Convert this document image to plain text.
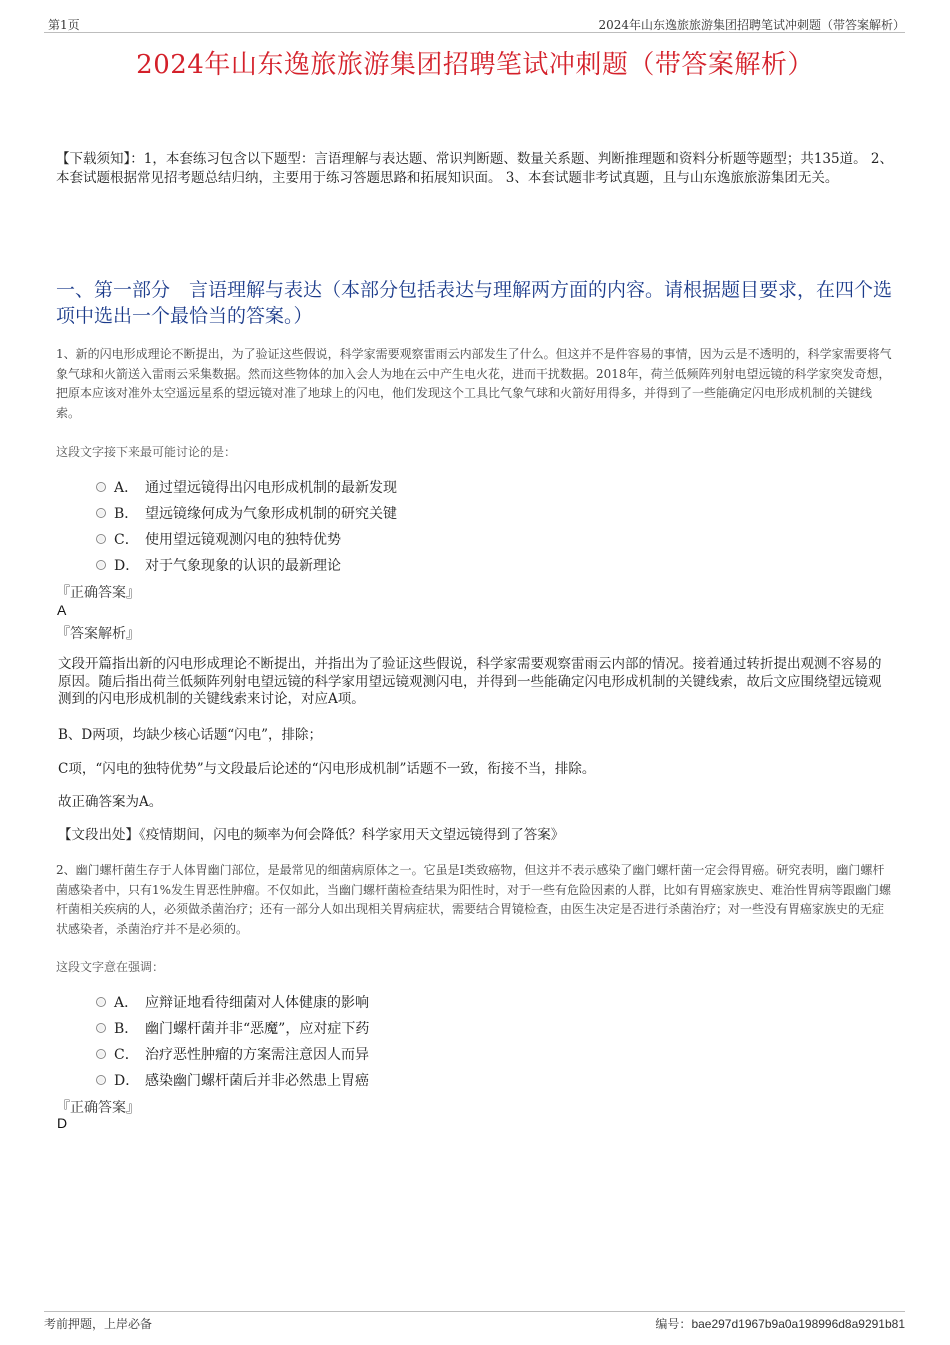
第1页	2024年山东逸旅旅游集团招聘笔试冲刺题（带答案解析）
2024年山东逸旅旅游集团招聘笔试冲刺题（带答案解析）
【下载须知】：1，本套练习包含以下题型：言语理解与表达题、常识判断题、数量关系题、判断推理题和资料分析题等题型；共135道。 2、本套试题根据常见招考题总结归纳，主要用于练习答题思路和拓展知识面。 3、本套试题非考试真题，且与山东逸旅旅游集团无关。
一、第一部分　言语理解与表达（本部分包括表达与理解两方面的内容。请根据题目要求，在四个选项中选出一个最恰当的答案。）
1、新的闪电形成理论不断提出，为了验证这些假说，科学家需要观察雷雨云内部发生了什么。但这并不是件容易的事情，因为云是不透明的，科学家需要将气象气球和火箭送入雷雨云采集数据。然而这些物体的加入会人为地在云中产生电火花，进而干扰数据。2018年，荷兰低频阵列射电望远镜的科学家突发奇想，把原本应该对准外太空遥远星系的望远镜对准了地球上的闪电，他们发现这个工具比气象气球和火箭好用得多，并得到了一些能确定闪电形成机制的关键线索。
这段文字接下来最可能讨论的是：
A． 通过望远镜得出闪电形成机制的最新发现
B． 望远镜缘何成为气象形成机制的研究关键
C． 使用望远镜观测闪电的独特优势
D． 对于气象现象的认识的最新理论
『正确答案』
A
『答案解析』
文段开篇指出新的闪电形成理论不断提出，并指出为了验证这些假说，科学家需要观察雷雨云内部的情况。接着通过转折提出观测不容易的原因。随后指出荷兰低频阵列射电望远镜的科学家用望远镜观测闪电，并得到一些能确定闪电形成机制的关键线索，故后文应围绕望远镜观测到的闪电形成机制的关键线索来讨论，对应A项。
B、D两项，均缺少核心话题“闪电”，排除；
C项，“闪电的独特优势”与文段最后论述的“闪电形成机制”话题不一致，衔接不当，排除。
故正确答案为A。
【文段出处】《疫情期间，闪电的频率为何会降低？科学家用天文望远镜得到了答案》
2、幽门螺杆菌生存于人体胃幽门部位，是最常见的细菌病原体之一。它虽是I类致癌物，但这并不表示感染了幽门螺杆菌一定会得胃癌。研究表明，幽门螺杆菌感染者中，只有1%发生胃恶性肿瘤。不仅如此，当幽门螺杆菌检查结果为阳性时，对于一些有危险因素的人群，比如有胃癌家族史、难治性胃病等跟幽门螺杆菌相关疾病的人，必须做杀菌治疗；还有一部分人如出现相关胃病症状，需要结合胃镜检查，由医生决定是否进行杀菌治疗；对一些没有胃癌家族史的无症状感染者，杀菌治疗并不是必须的。
这段文字意在强调：
A． 应辩证地看待细菌对人体健康的影响
B． 幽门螺杆菌并非“恶魔”，应对症下药
C． 治疗恶性肿瘤的方案需注意因人而异
D． 感染幽门螺杆菌后并非必然患上胃癌
『正确答案』
D
考前押题，上岸必备	编号：bae297d1967b9a0a198996d8a9291b81
